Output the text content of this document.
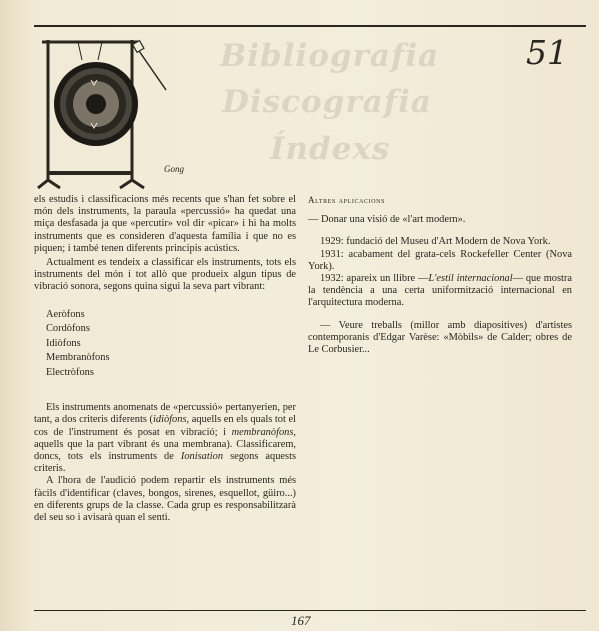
Bibliografia
Discografia
Índexs
51
Gong

els estudis i classificacions més recents que s'han fet sobre el món dels instruments, la paraula «percussió» ha quedat una miça desfasada ja que «percutir» vol dir «picar» i hi ha molts instruments que es consideren d'aquesta família i que no es piquen; i també tenen diferents principis acústics.

Actualment es tendeix a classificar els instruments, tots els instruments del món i tot allò que produeix algun tipus de vibració sonora, segons quina sigui la seva part vibrant:

Aeròfons
Cordòfons
Idiòfons
Membranòfons
Electròfons

Els instruments anomenats de «percussió» pertanyerien, per tant, a dos criteris diferents (idiòfons, aquells en els quals tot el cos de l'instrument és posat en vibració; i membranòfons, aquells que la part vibrant és una membrana). Classificarem, doncs, tots els instruments de Ionisation segons aquests criteris.

A l'hora de l'audició podem repartir els instruments més fàcils d'identificar (claves, bongos, sirenes, esquellot, güiro...) en diferents grups de la classe. Cada grup es responsabilitzarà del seu so i avisarà quan el senti.

Altres aplicacions

— Donar una visió de «l'art modern».

1929: fundació del Museu d'Art Modern de Nova York.

1931: acabament del grata-cels Rockefeller Center (Nova York).

1932: apareix un llibre —L'estil internacional— que mostra la tendència a una certa uniformització internacional en l'arquitectura moderna.

— Veure treballs (millor amb diapositives) d'artistes contemporanis d'Edgar Varèse: «Mòbils» de Calder; obres de Le Corbusier...

167
